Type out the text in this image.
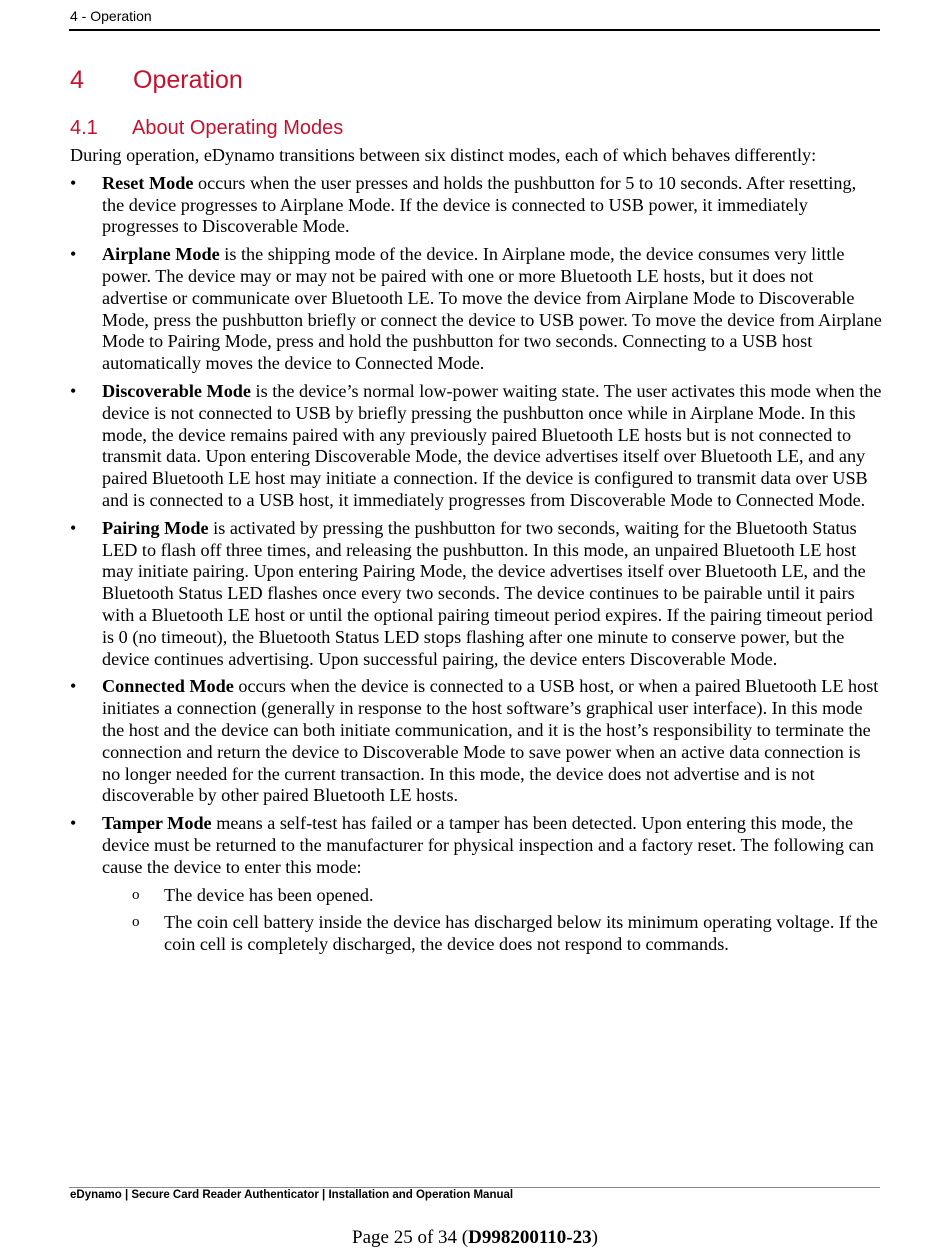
4 - Operation
4 Operation
4.1 About Operating Modes

During operation, eDynamo transitions between six distinct modes, each of which behaves differently:

• Reset Mode occurs when the user presses and holds the pushbutton for 5 to 10 seconds. After resetting, the device progresses to Airplane Mode. If the device is connected to USB power, it immediately progresses to Discoverable Mode.
• Airplane Mode is the shipping mode of the device. In Airplane mode, the device consumes very little power. The device may or may not be paired with one or more Bluetooth LE hosts, but it does not advertise or communicate over Bluetooth LE. To move the device from Airplane Mode to Discoverable Mode, press the pushbutton briefly or connect the device to USB power. To move the device from Airplane Mode to Pairing Mode, press and hold the pushbutton for two seconds. Connecting to a USB host automatically moves the device to Connected Mode.
• Discoverable Mode is the device’s normal low-power waiting state. The user activates this mode when the device is not connected to USB by briefly pressing the pushbutton once while in Airplane Mode. In this mode, the device remains paired with any previously paired Bluetooth LE hosts but is not connected to transmit data. Upon entering Discoverable Mode, the device advertises itself over Bluetooth LE, and any paired Bluetooth LE host may initiate a connection. If the device is configured to transmit data over USB and is connected to a USB host, it immediately progresses from Discoverable Mode to Connected Mode.
• Pairing Mode is activated by pressing the pushbutton for two seconds, waiting for the Bluetooth Status LED to flash off three times, and releasing the pushbutton. In this mode, an unpaired Bluetooth LE host may initiate pairing. Upon entering Pairing Mode, the device advertises itself over Bluetooth LE, and the Bluetooth Status LED flashes once every two seconds. The device continues to be pairable until it pairs with a Bluetooth LE host or until the optional pairing timeout period expires. If the pairing timeout period is 0 (no timeout), the Bluetooth Status LED stops flashing after one minute to conserve power, but the device continues advertising. Upon successful pairing, the device enters Discoverable Mode.
• Connected Mode occurs when the device is connected to a USB host, or when a paired Bluetooth LE host initiates a connection (generally in response to the host software’s graphical user interface). In this mode the host and the device can both initiate communication, and it is the host’s responsibility to terminate the connection and return the device to Discoverable Mode to save power when an active data connection is no longer needed for the current transaction. In this mode, the device does not advertise and is not discoverable by other paired Bluetooth LE hosts.
• Tamper Mode means a self-test has failed or a tamper has been detected. Upon entering this mode, the device must be returned to the manufacturer for physical inspection and a factory reset. The following can cause the device to enter this mode:
o The device has been opened.
o The coin cell battery inside the device has discharged below its minimum operating voltage. If the coin cell is completely discharged, the device does not respond to commands.
eDynamo | Secure Card Reader Authenticator | Installation and Operation Manual
Page 25 of 34 (D998200110-23)
